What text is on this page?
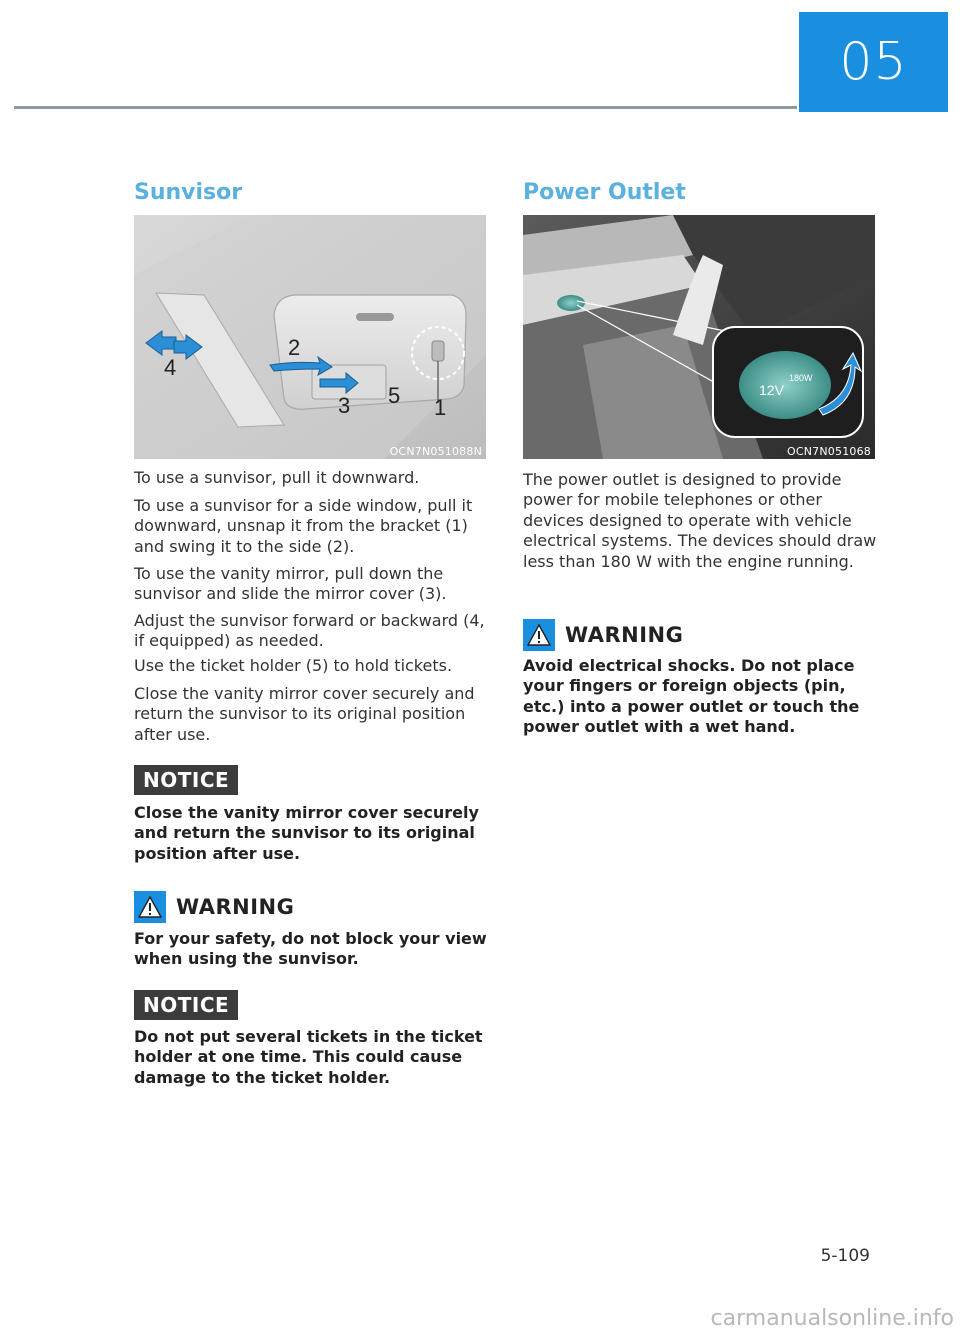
05
Sunvisor
1
2
3
4
5
OCN7N051088N

To use a sunvisor, pull it downward.

To use a sunvisor for a side window, pull it downward, unsnap it from the bracket (1) and swing it to the side (2).

To use the vanity mirror, pull down the sunvisor and slide the mirror cover (3).

Adjust the sunvisor forward or backward (4, if equipped) as needed.

Use the ticket holder (5) to hold tickets.

Close the vanity mirror cover securely and return the sunvisor to its original position after use.

NOTICE

Close the vanity mirror cover securely and return the sunvisor to its original position after use.

WARNING

For your safety, do not block your view when using the sunvisor.

NOTICE

Do not put several tickets in the ticket holder at one time. This could cause damage to the ticket holder.

Power Outlet
12V
180W
OCN7N051068

The power outlet is designed to provide power for mobile telephones or other devices designed to operate with vehicle electrical systems. The devices should draw less than 180 W with the engine running.

WARNING

Avoid electrical shocks. Do not place your fingers or foreign objects (pin, etc.) into a power outlet or touch the power outlet with a wet hand.

5-109
carmanualsonline.info
